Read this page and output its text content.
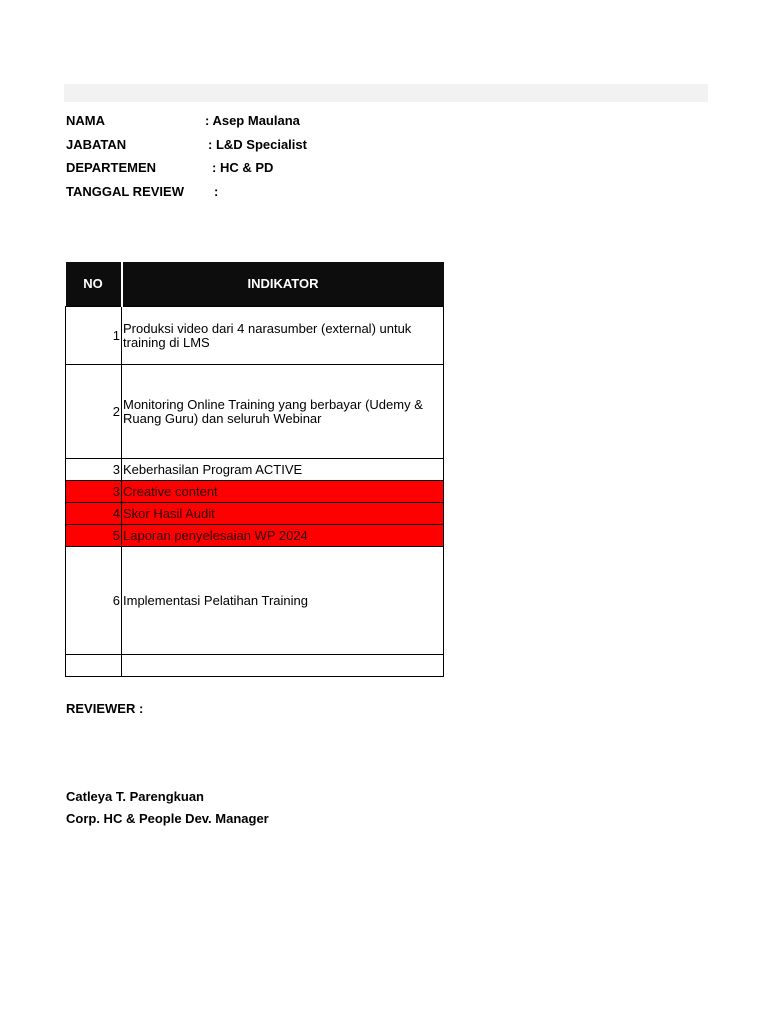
NAMA	: Asep Maulana
JABATAN	: L&D Specialist
DEPARTEMEN	: HC & PD
TANGGAL REVIEW :
NO	INDIKATOR
1	Produksi video dari 4 narasumber (external) untuk training di LMS
2	Monitoring Online Training yang berbayar (Udemy & Ruang Guru) dan seluruh Webinar
3	Keberhasilan Program ACTIVE
3	Creative content
4	Skor Hasil Audit
5	Laporan penyelesaian WP 2024
6	Implementasi Pelatihan Training

REVIEWER :
Catleya T. Parengkuan
Corp. HC & People Dev. Manager
